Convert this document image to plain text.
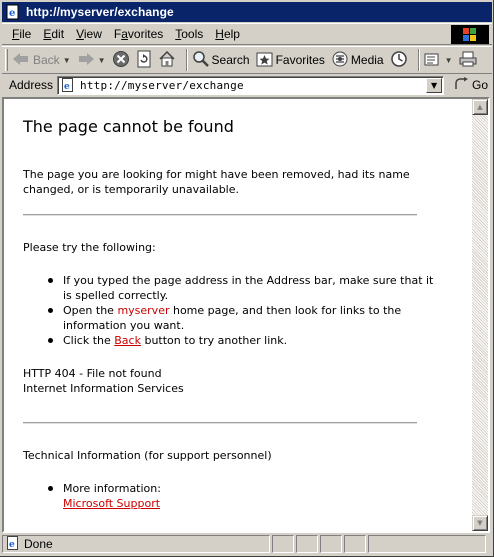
e http://myserver/exchange
File	Edit	View	Favorites	Tools	Help
Back ▼	▼	Search Favorites Media	▼
Address e http://myserver/exchange	▼	Go
The page cannot be found

The page you are looking for might have been removed, had its name changed, or is temporarily unavailable.

Please try the following:

If you typed the page address in the Address bar, make sure that it is spelled correctly.
Open the myserver home page, and then look for links to the information you want.
Click the Back button to try another link.

HTTP 404 - File not found

Internet Information Services

Technical Information (for support personnel)

More information:
Microsoft Support
▲
▼
e Done
